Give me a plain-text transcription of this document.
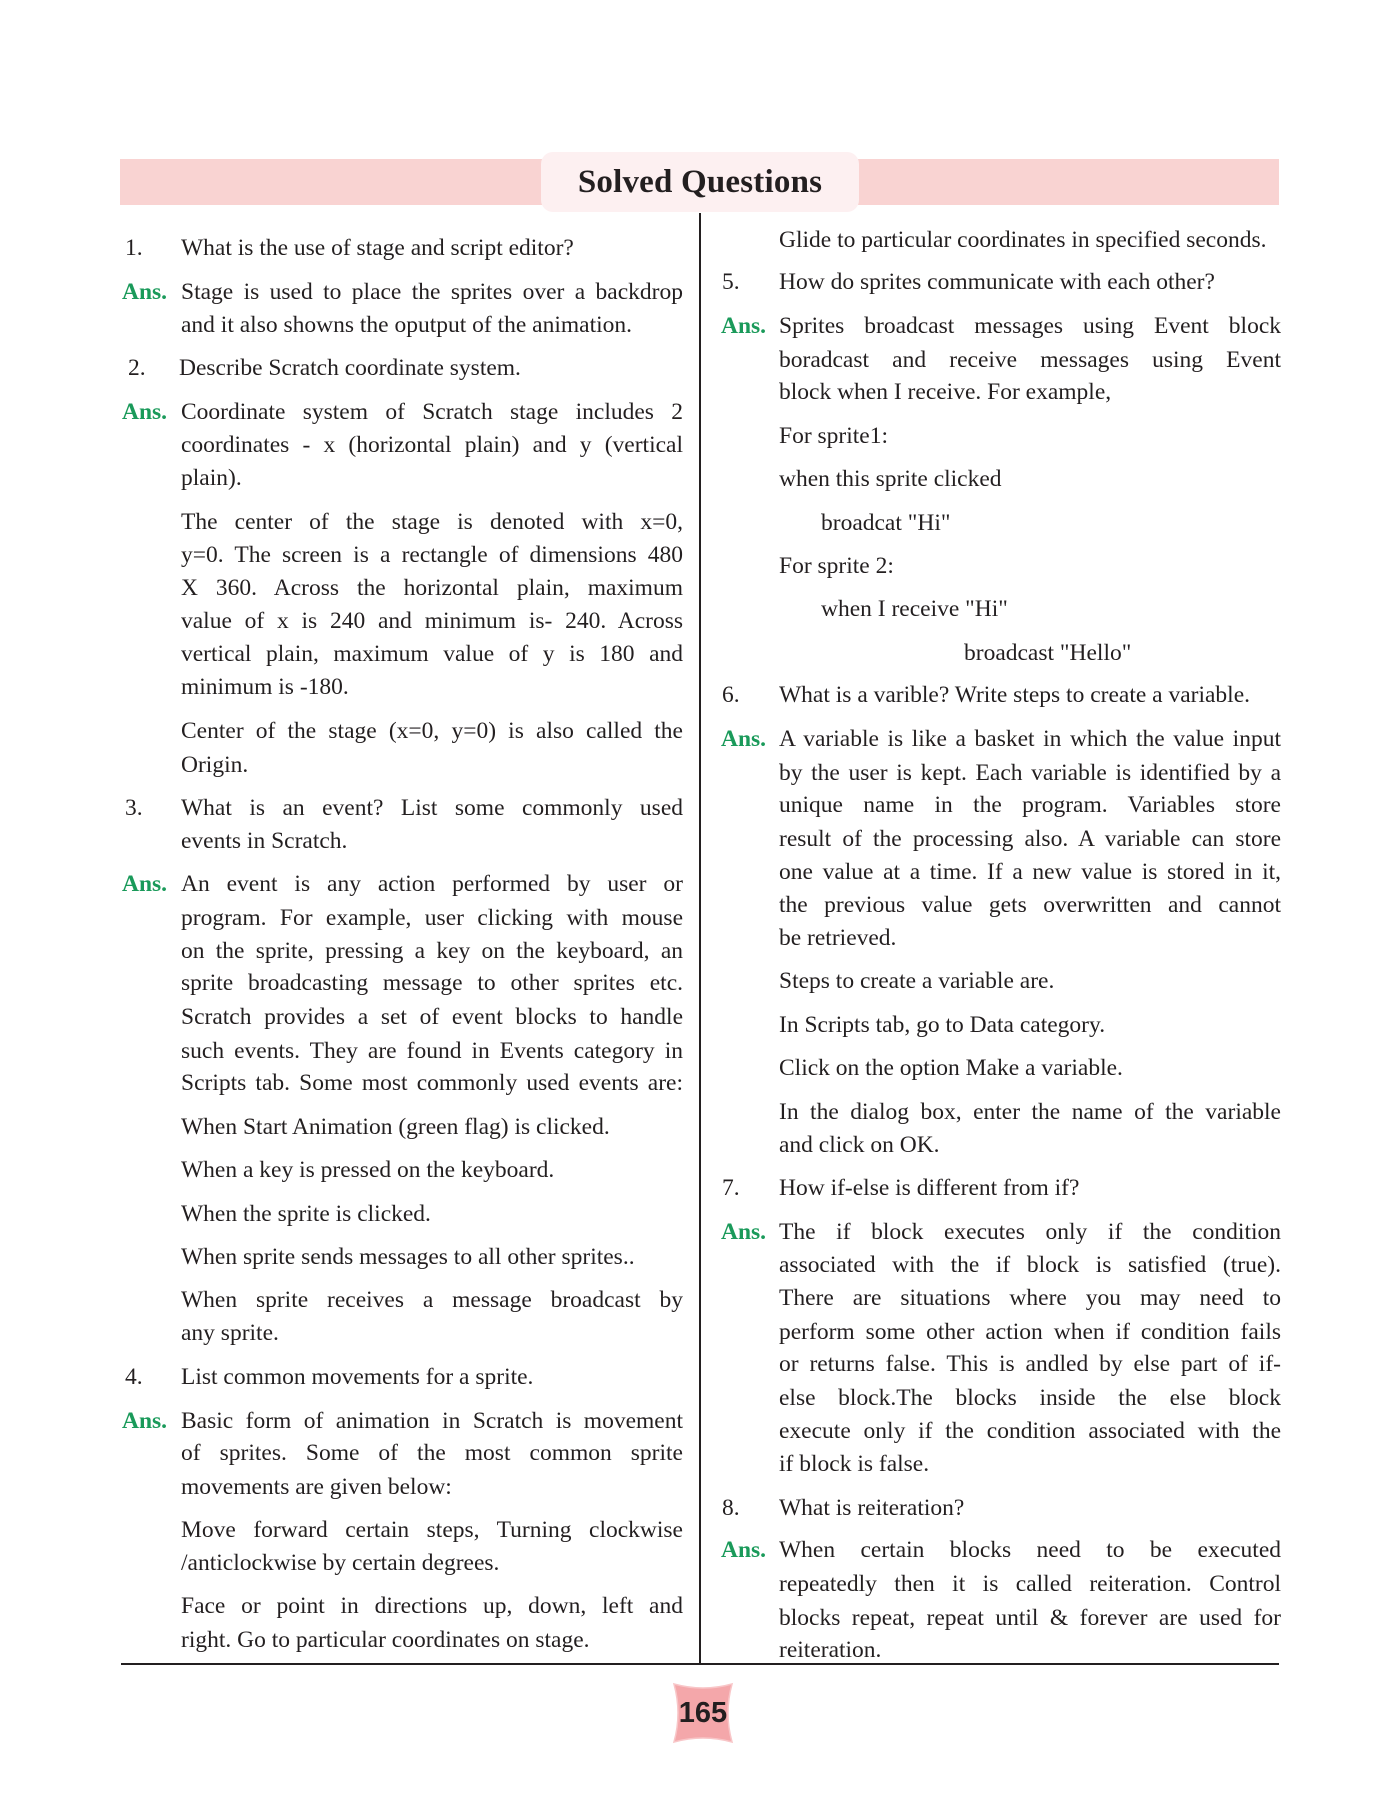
Solved Questions
1. What is the use of stage and script editor?
Ans. Stage is used to place the sprites over a backdrop
and it also showns the oputput of the animation.
2. Describe Scratch coordinate system.
Ans. Coordinate system of Scratch stage includes 2
coordinates - x (horizontal plain) and y (vertical
plain).
The center of the stage is denoted with x=0,
y=0. The screen is a rectangle of dimensions 480
X 360. Across the horizontal plain, maximum
value of x is 240 and minimum is- 240. Across
vertical plain, maximum value of y is 180 and
minimum is -180.
Center of the stage (x=0, y=0) is also called the
Origin.
3. What is an event? List some commonly used
events in Scratch.
Ans. An event is any action performed by user or
program. For example, user clicking with mouse
on the sprite, pressing a key on the keyboard, an
sprite broadcasting message to other sprites etc.
Scratch provides a set of event blocks to handle
such events. They are found in Events category in
Scripts tab. Some most commonly used events are:
When Start Animation (green flag) is clicked.
When a key is pressed on the keyboard.
When the sprite is clicked.
When sprite sends messages to all other sprites..
When sprite receives a message broadcast by
any sprite.
4. List common movements for a sprite.
Ans. Basic form of animation in Scratch is movement
of sprites. Some of the most common sprite
movements are given below:
Move forward certain steps, Turning clockwise
/anticlockwise by certain degrees.
Face or point in directions up, down, left and
right. Go to particular coordinates on stage.
Glide to particular coordinates in specified seconds.
5. How do sprites communicate with each other?
Ans. Sprites broadcast messages using Event block
boradcast and receive messages using Event
block when I receive. For example,
For sprite1:
when this sprite clicked
broadcat "Hi"
For sprite 2:
when I receive "Hi"
broadcast "Hello"
6. What is a varible? Write steps to create a variable.
Ans. A variable is like a basket in which the value input
by the user is kept. Each variable is identified by a
unique name in the program. Variables store
result of the processing also. A variable can store
one value at a time. If a new value is stored in it,
the previous value gets overwritten and cannot
be retrieved.
Steps to create a variable are.
In Scripts tab, go to Data category.
Click on the option Make a variable.
In the dialog box, enter the name of the variable
and click on OK.
7. How if-else is different from if?
Ans. The if block executes only if the condition
associated with the if block is satisfied (true).
There are situations where you may need to
perform some other action when if condition fails
or returns false. This is andled by else part of if-
else block.The blocks inside the else block
execute only if the condition associated with the
if block is false.
8. What is reiteration?
Ans. When certain blocks need to be executed
repeatedly then it is called reiteration. Control
blocks repeat, repeat until & forever are used for
reiteration.
165
